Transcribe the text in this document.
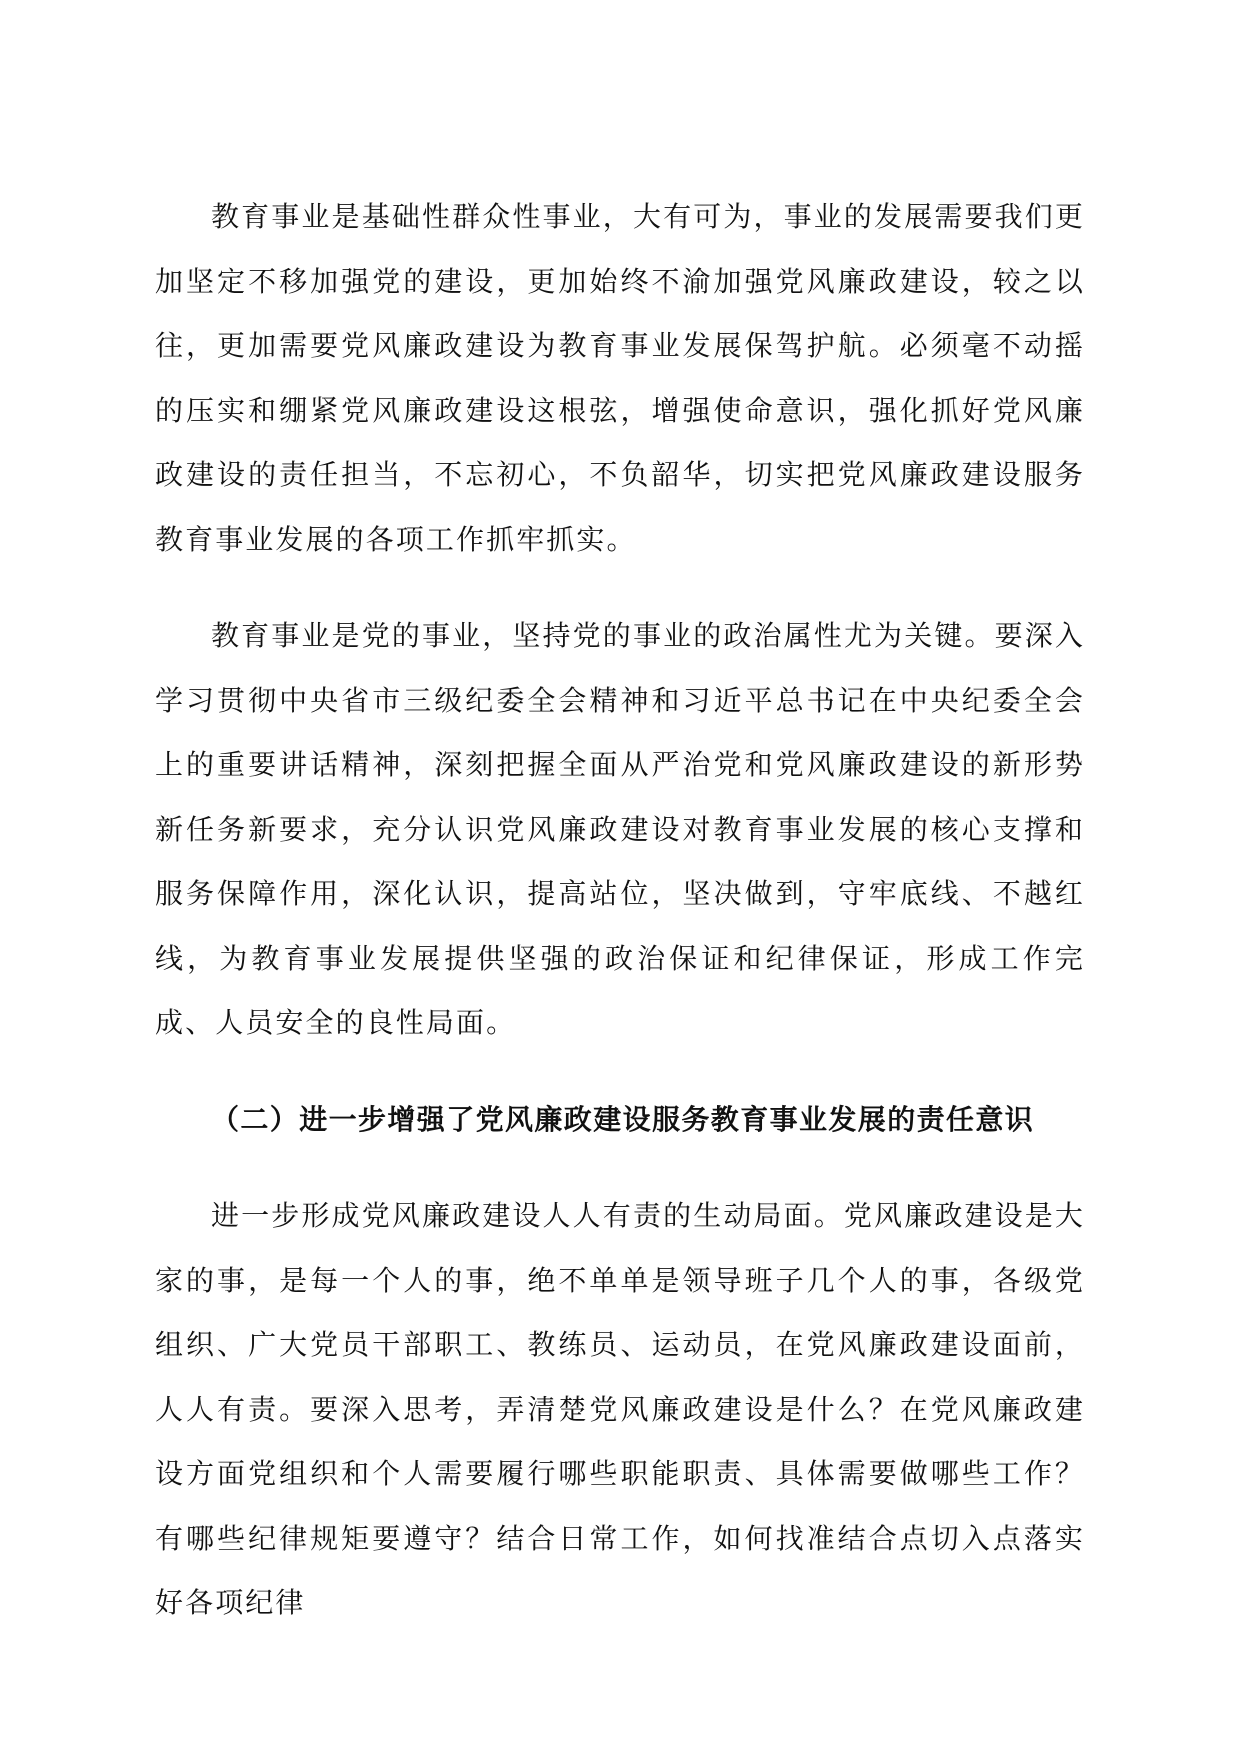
教育事业是基础性群众性事业，大有可为，事业的发展需要我们更加坚定不移加强党的建设，更加始终不渝加强党风廉政建设，较之以往，更加需要党风廉政建设为教育事业发展保驾护航。必须毫不动摇的压实和绷紧党风廉政建设这根弦，增强使命意识，强化抓好党风廉政建设的责任担当，不忘初心，不负韶华，切实把党风廉政建设服务教育事业发展的各项工作抓牢抓实。

教育事业是党的事业，坚持党的事业的政治属性尤为关键。要深入学习贯彻中央省市三级纪委全会精神和习近平总书记在中央纪委全会上的重要讲话精神，深刻把握全面从严治党和党风廉政建设的新形势新任务新要求，充分认识党风廉政建设对教育事业发展的核心支撑和服务保障作用，深化认识，提高站位，坚决做到，守牢底线、不越红线，为教育事业发展提供坚强的政治保证和纪律保证，形成工作完成、人员安全的良性局面。

（二）进一步增强了党风廉政建设服务教育事业发展的责任意识

进一步形成党风廉政建设人人有责的生动局面。党风廉政建设是大家的事，是每一个人的事，绝不单单是领导班子几个人的事，各级党组织、广大党员干部职工、教练员、运动员，在党风廉政建设面前，人人有责。要深入思考，弄清楚党风廉政建设是什么？在党风廉政建设方面党组织和个人需要履行哪些职能职责、具体需要做哪些工作？有哪些纪律规矩要遵守？结合日常工作，如何找准结合点切入点落实好各项纪律
